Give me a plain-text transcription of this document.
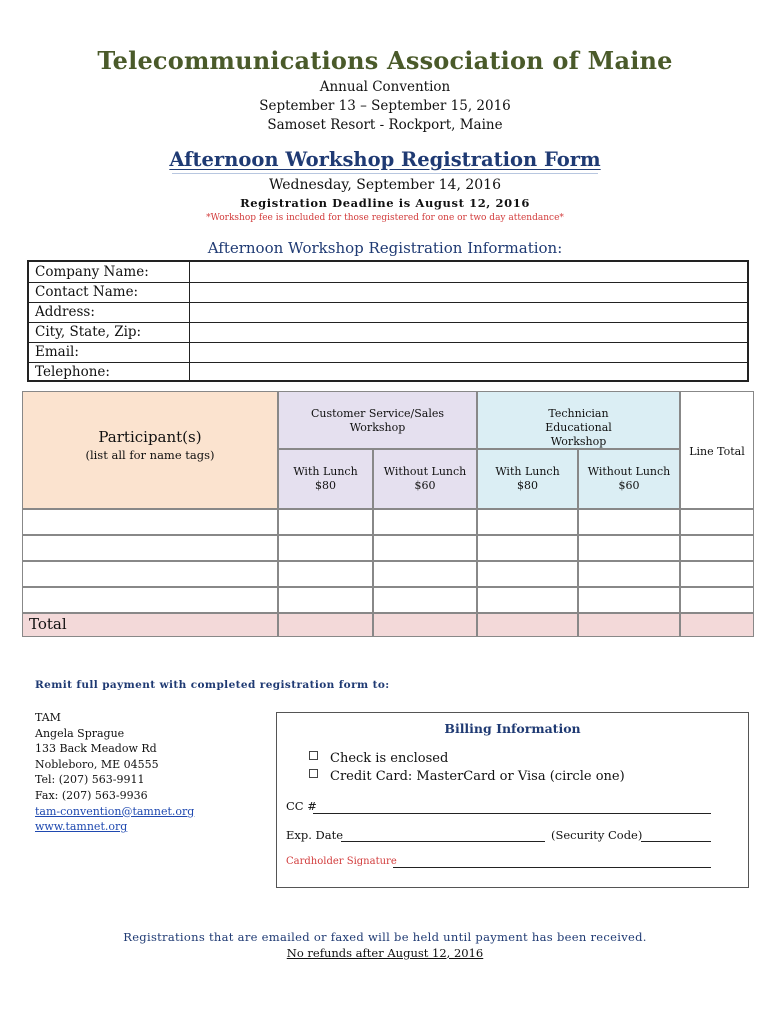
Telecommunications Association of Maine
Annual Convention
September 13 – September 15, 2016
Samoset Resort - Rockport, Maine
Afternoon Workshop Registration Form
Wednesday, September 14, 2016
Registration Deadline is August 12, 2016
*Workshop fee is included for those registered for one or two day attendance*
Afternoon Workshop Registration Information:
Company Name:
Contact Name:
Address:
City, State, Zip:
Email:
Telephone:
Participant(s)
(list all for name tags)
Customer Service/Sales Workshop
Technician Educational Workshop
Line Total
With Lunch
$80
Without Lunch
$60
With Lunch
$80
Without Lunch
$60
Total
Remit full payment with completed registration form to:
TAM
Angela Sprague
133 Back Meadow Rd
Nobleboro, ME 04555
Tel: (207) 563-9911
Fax: (207) 563-9936
tam-convention@tamnet.org
www.tamnet.org
Billing Information
Check is enclosed
Credit Card: MasterCard or Visa (circle one)
CC #
Exp. Date	(Security Code)
Cardholder Signature
Registrations that are emailed or faxed will be held until payment has been received.
No refunds after August 12, 2016
